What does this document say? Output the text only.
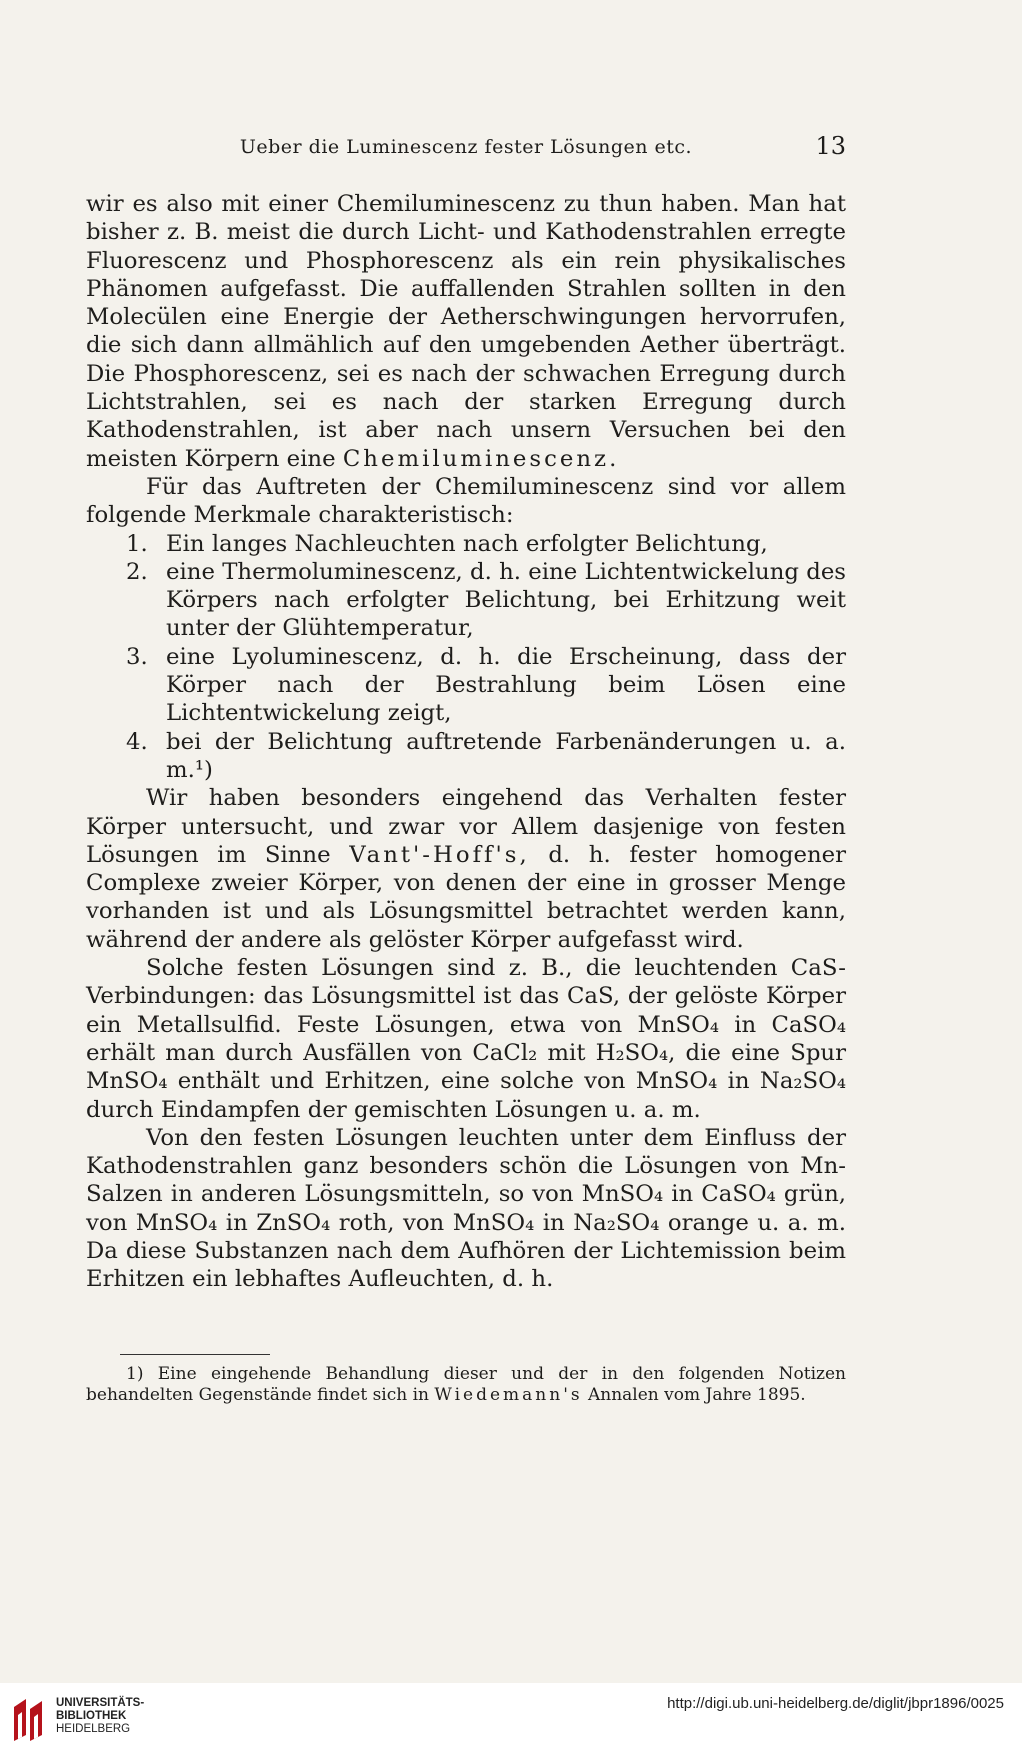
Ueber die Luminescenz fester Lösungen etc.	13

wir es also mit einer Chemiluminescenz zu thun haben. Man hat bisher z. B. meist die durch Licht- und Kathodenstrahlen erregte Fluorescenz und Phosphorescenz als ein rein physikalisches Phänomen aufgefasst. Die auffallenden Strahlen sollten in den Molecülen eine Energie der Aetherschwingungen hervorrufen, die sich dann allmählich auf den umgebenden Aether überträgt. Die Phosphorescenz, sei es nach der schwachen Erregung durch Lichtstrahlen, sei es nach der starken Erregung durch Kathodenstrahlen, ist aber nach unsern Versuchen bei den meisten Körpern eine Chemiluminescenz.

Für das Auftreten der Chemiluminescenz sind vor allem folgende Merkmale charakteristisch:

1. Ein langes Nachleuchten nach erfolgter Belichtung,
2. eine Thermoluminescenz, d. h. eine Lichtentwickelung des Körpers nach erfolgter Belichtung, bei Erhitzung weit unter der Glühtemperatur,
3. eine Lyoluminescenz, d. h. die Erscheinung, dass der Körper nach der Bestrahlung beim Lösen eine Lichtentwickelung zeigt,
4. bei der Belichtung auftretende Farbenänderungen u. a. m.¹)

Wir haben besonders eingehend das Verhalten fester Körper untersucht, und zwar vor Allem dasjenige von festen Lösungen im Sinne Vant'-Hoff's, d. h. fester homogener Complexe zweier Körper, von denen der eine in grosser Menge vorhanden ist und als Lösungsmittel betrachtet werden kann, während der andere als gelöster Körper aufgefasst wird.

Solche festen Lösungen sind z. B., die leuchtenden CaS-Verbindungen: das Lösungsmittel ist das CaS, der gelöste Körper ein Metallsulfid. Feste Lösungen, etwa von MnSO₄ in CaSO₄ erhält man durch Ausfällen von CaCl₂ mit H₂SO₄, die eine Spur MnSO₄ enthält und Erhitzen, eine solche von MnSO₄ in Na₂SO₄ durch Eindampfen der gemischten Lösungen u. a. m.

Von den festen Lösungen leuchten unter dem Einfluss der Kathodenstrahlen ganz besonders schön die Lösungen von Mn-Salzen in anderen Lösungsmitteln, so von MnSO₄ in CaSO₄ grün, von MnSO₄ in ZnSO₄ roth, von MnSO₄ in Na₂SO₄ orange u. a. m. Da diese Substanzen nach dem Aufhören der Lichtemission beim Erhitzen ein lebhaftes Aufleuchten, d. h.

1) Eine eingehende Behandlung dieser und der in den folgenden Notizen behandelten Gegenstände findet sich in Wiedemann's Annalen vom Jahre 1895.

UNIVERSITÄTS-
BIBLIOTHEK
HEIDELBERG
http://digi.ub.uni-heidelberg.de/diglit/jbpr1896/0025
